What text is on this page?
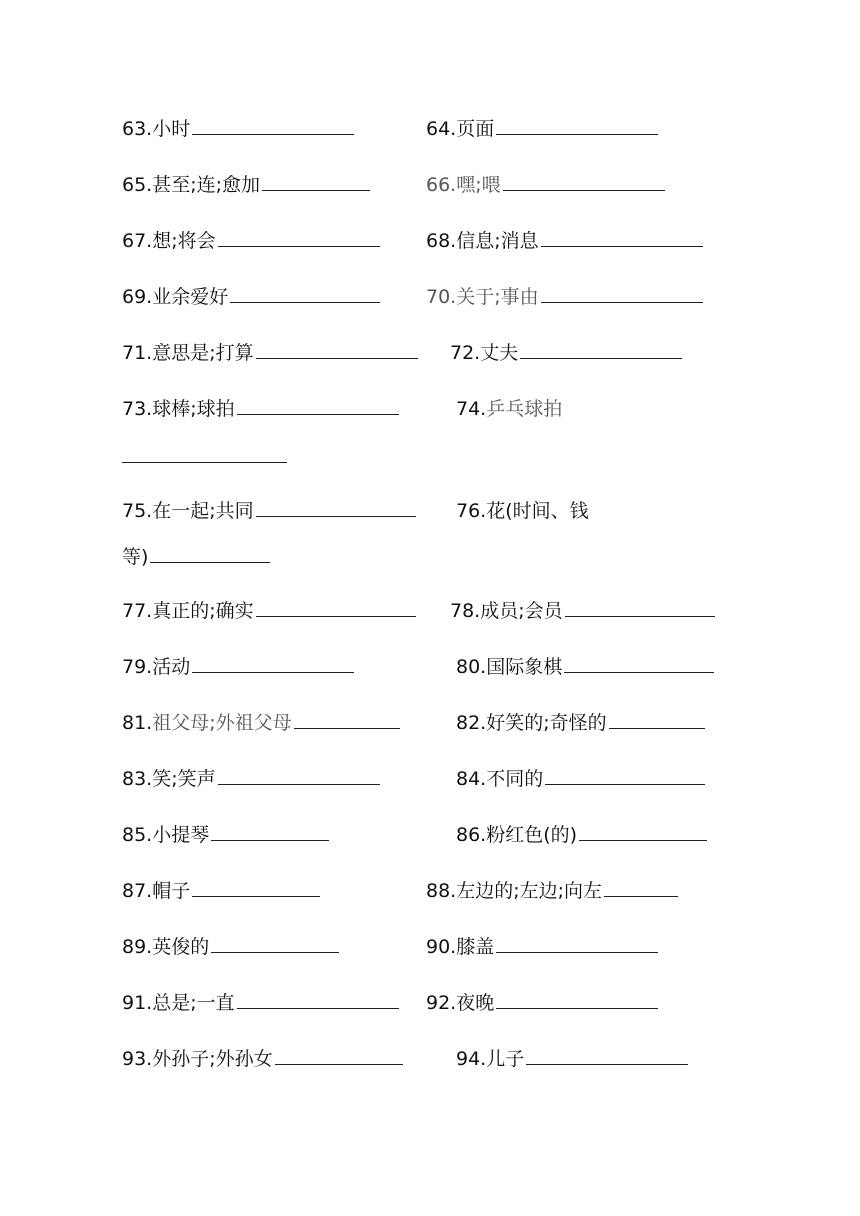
63.小时	64.页面
65.甚至;连;愈加	66.嘿;喂
67.想;将会	68.信息;消息
69.业余爱好	70.关于;事由
71.意思是;打算	72.丈夫
73.球棒;球拍	74.乒乓球拍
75.在一起;共同	76.花(时间、钱
等)
77.真正的;确实	78.成员;会员
79.活动	80.国际象棋
81.祖父母;外祖父母	82.好笑的;奇怪的
83.笑;笑声	84.不同的
85.小提琴	86.粉红色(的)
87.帽子	88.左边的;左边;向左
89.英俊的	90.膝盖
91.总是;一直	92.夜晚
93.外孙子;外孙女	94.儿子
